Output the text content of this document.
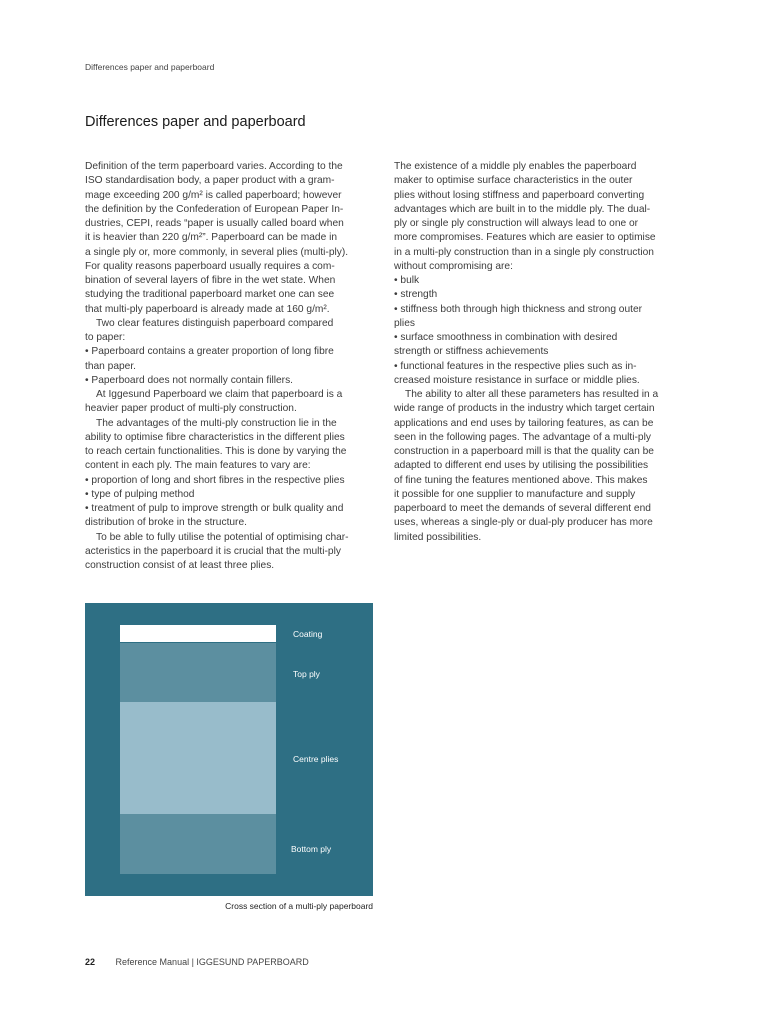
Differences paper and paperboard
Differences paper and paperboard
Definition of the term paperboard varies. According to the
ISO standardisation body, a paper product with a gram-
mage exceeding 200 g/m² is called paperboard; however
the definition by the Confederation of European Paper In-
dustries, CEPI, reads “paper is usually called board when
it is heavier than 220 g/m²”. Paperboard can be made in
a single ply or, more commonly, in several plies (multi-ply).
For quality reasons paperboard usually requires a com-
bination of several layers of fibre in the wet state. When
studying the traditional paperboard market one can see
that multi-ply paperboard is already made at 160 g/m².
Two clear features distinguish paperboard compared
to paper:
• Paperboard contains a greater proportion of long fibre
than paper.
• Paperboard does not normally contain fillers.
At Iggesund Paperboard we claim that paperboard is a
heavier paper product of multi-ply construction.
The advantages of the multi-ply construction lie in the
ability to optimise fibre characteristics in the different plies
to reach certain functionalities. This is done by varying the
content in each ply. The main features to vary are:
• proportion of long and short fibres in the respective plies
• type of pulping method
• treatment of pulp to improve strength or bulk quality and
distribution of broke in the structure.
To be able to fully utilise the potential of optimising char-
acteristics in the paperboard it is crucial that the multi-ply
construction consist of at least three plies.
The existence of a middle ply enables the paperboard
maker to optimise surface characteristics in the outer
plies without losing stiffness and paperboard converting
advantages which are built in to the middle ply. The dual-
ply or single ply construction will always lead to one or
more compromises. Features which are easier to optimise
in a multi-ply construction than in a single ply construction
without compromising are:
• bulk
• strength
• stiffness both through high thickness and strong outer
plies
• surface smoothness in combination with desired
strength or stiffness achievements
• functional features in the respective plies such as in-
creased moisture resistance in surface or middle plies.
The ability to alter all these parameters has resulted in a
wide range of products in the industry which target certain
applications and end uses by tailoring features, as can be
seen in the following pages. The advantage of a multi-ply
construction in a paperboard mill is that the quality can be
adapted to different end uses by utilising the possibilities
of fine tuning the features mentioned above. This makes
it possible for one supplier to manufacture and supply
paperboard to meet the demands of several different end
uses, whereas a single-ply or dual-ply producer has more
limited possibilities.
Coating
Top ply
Centre plies
Bottom ply
Cross section of a multi-ply paperboard
22 Reference Manual | IGGESUND PAPERBOARD
